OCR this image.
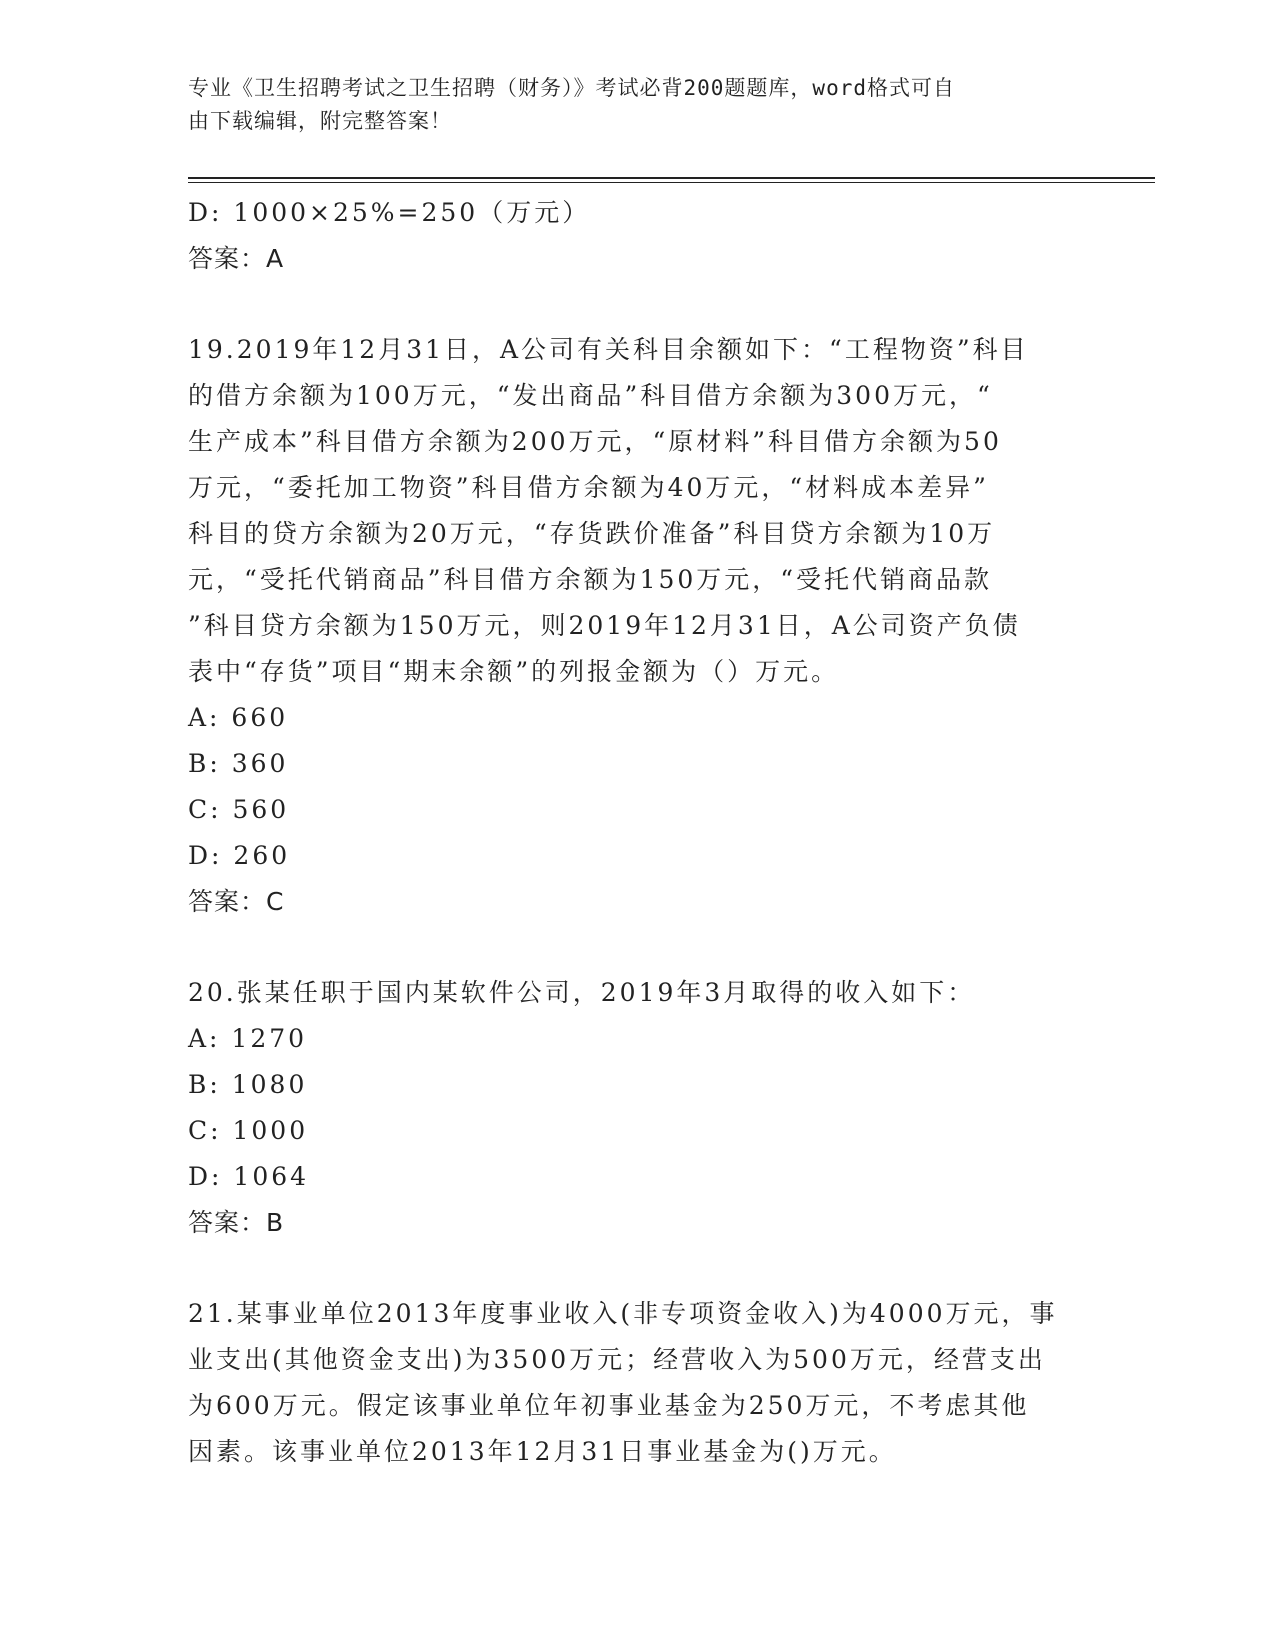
专业《卫生招聘考试之卫生招聘（财务）》考试必背200题题库，word格式可自
由下载编辑，附完整答案！
D: 1000×25%=250（万元）
答案：A
19.2019年12月31日，A公司有关科目余额如下：“工程物资”科目
的借方余额为100万元，“发出商品”科目借方余额为300万元，“
生产成本”科目借方余额为200万元，“原材料”科目借方余额为50
万元，“委托加工物资”科目借方余额为40万元，“材料成本差异”
科目的贷方余额为20万元，“存货跌价准备”科目贷方余额为10万
元，“受托代销商品”科目借方余额为150万元，“受托代销商品款
”科目贷方余额为150万元，则2019年12月31日，A公司资产负债
表中“存货”项目“期末余额”的列报金额为（）万元。
A: 660
B: 360
C: 560
D: 260
答案：C
20.张某任职于国内某软件公司，2019年3月取得的收入如下：
A: 1270
B: 1080
C: 1000
D: 1064
答案：B
21.某事业单位2013年度事业收入(非专项资金收入)为4000万元，事
业支出(其他资金支出)为3500万元；经营收入为500万元，经营支出
为600万元。假定该事业单位年初事业基金为250万元，不考虑其他
因素。该事业单位2013年12月31日事业基金为()万元。
